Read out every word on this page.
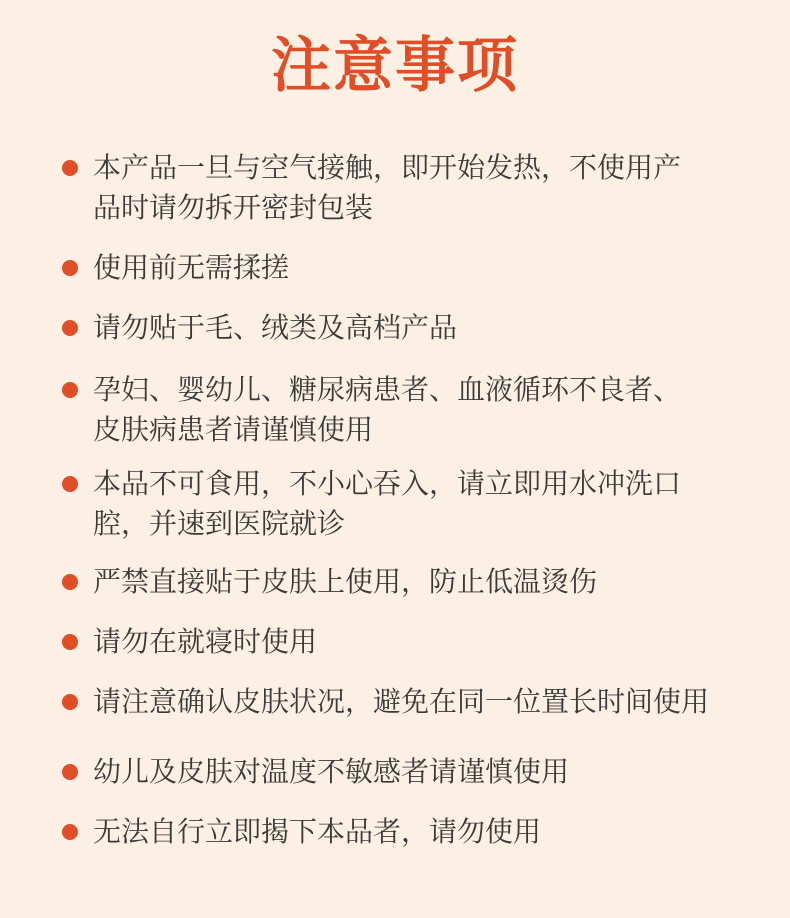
注意事项
本产品一旦与空气接触，即开始发热，不使用产
品时请勿拆开密封包装
使用前无需揉搓
请勿贴于毛、绒类及高档产品
孕妇、婴幼儿、糖尿病患者、血液循环不良者、
皮肤病患者请谨慎使用
本品不可食用，不小心吞入，请立即用水冲洗口
腔，并速到医院就诊
严禁直接贴于皮肤上使用，防止低温烫伤
请勿在就寝时使用
请注意确认皮肤状况，避免在同一位置长时间使用
幼儿及皮肤对温度不敏感者请谨慎使用
无法自行立即揭下本品者，请勿使用
